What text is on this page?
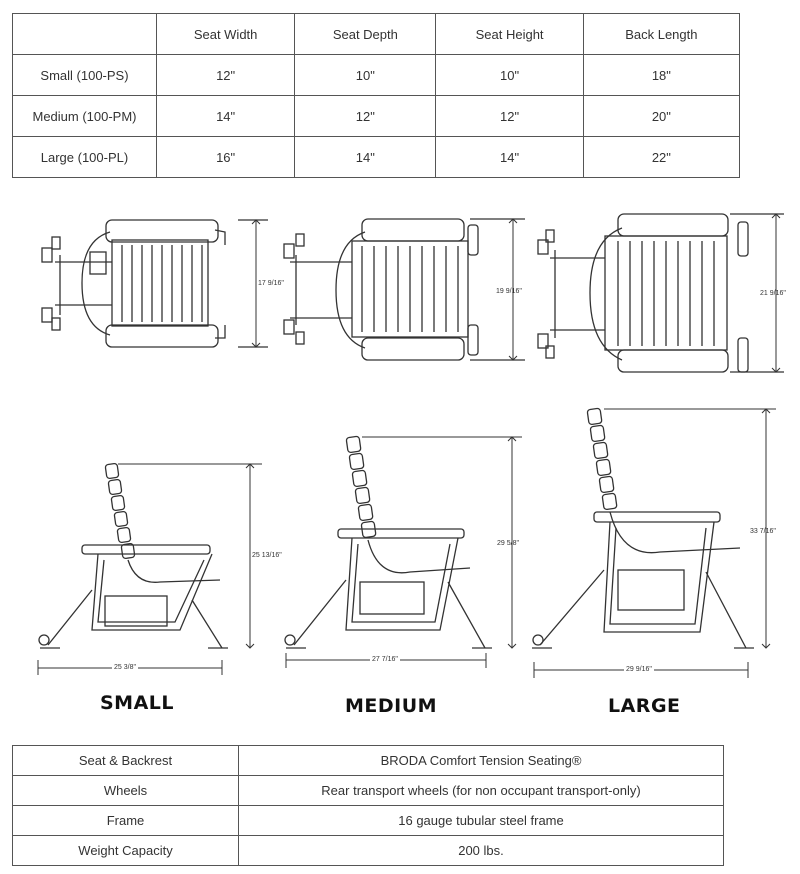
	Seat Width	Seat Depth	Seat Height	Back Length
Small (100-PS)	12"	10"	10"	18"
Medium (100-PM)	14"	12"	12"	20"
Large (100-PL)	16"	14"	14"	22"
17 9/16"
19 9/16"	21 9/16"
25 13/16"
25 3/8"
29 5/8"
27 7/16"
33 7/16"
29 9/16"
SMALL	MEDIUM	LARGE
Seat & Backrest	BRODA Comfort Tension Seating®
Wheels	Rear transport wheels (for non occupant transport-only)
Frame	16 gauge tubular steel frame
Weight Capacity	200 lbs.
